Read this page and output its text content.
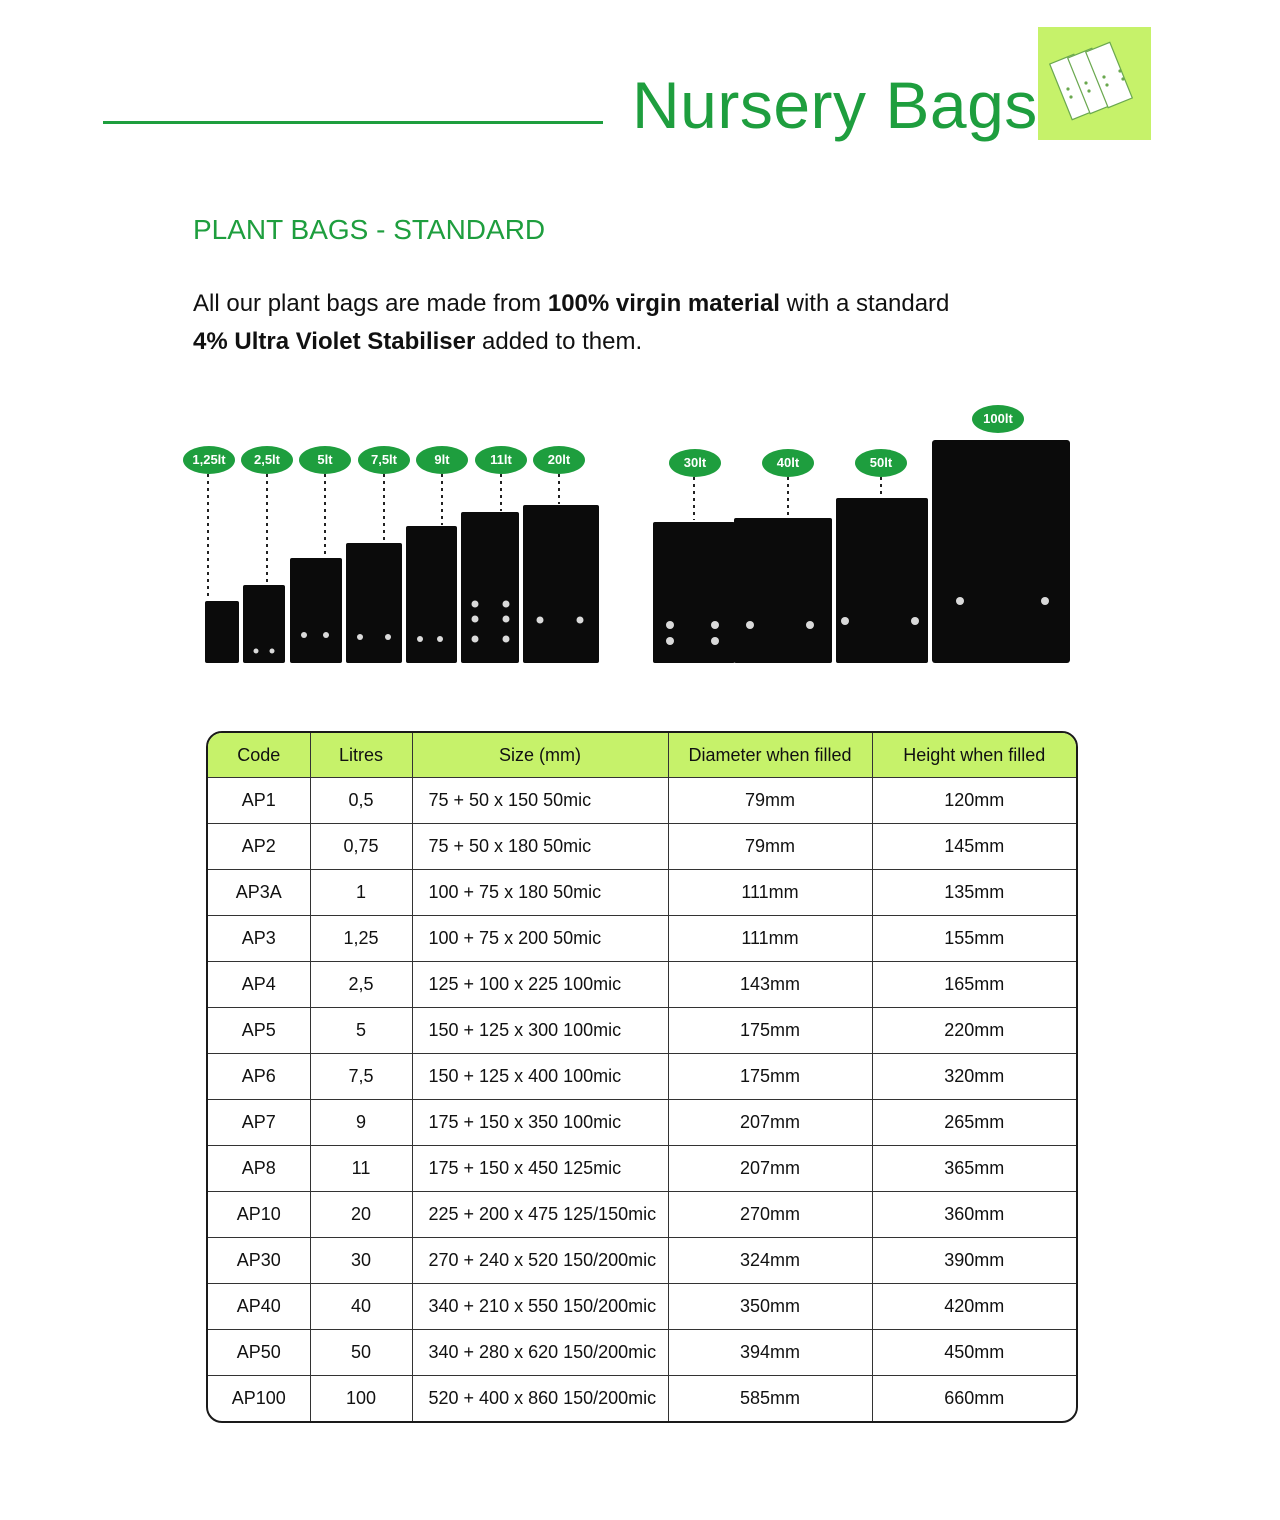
Nursery Bags
PLANT BAGS - STANDARD
All our plant bags are made from 100% virgin material with a standard
4% Ultra Violet Stabiliser added to them.
1,25lt 2,5lt	5lt	7,5lt	9lt	11lt	20lt	30lt	40lt	50lt
100lt
Code	Litres	Size (mm)	Diameter when filled	Height when filled
AP1	0,5	75 + 50 x 150 50mic	79mm	120mm
AP2	0,75	75 + 50 x 180 50mic	79mm	145mm
AP3A	1	100 + 75 x 180 50mic	111mm	135mm
AP3	1,25	100 + 75 x 200 50mic	111mm	155mm
AP4	2,5	125 + 100 x 225 100mic	143mm	165mm
AP5	5	150 + 125 x 300 100mic	175mm	220mm
AP6	7,5	150 + 125 x 400 100mic	175mm	320mm
AP7	9	175 + 150 x 350 100mic	207mm	265mm
AP8	11	175 + 150 x 450 125mic	207mm	365mm
AP10	20	225 + 200 x 475 125/150mic	270mm	360mm
AP30	30	270 + 240 x 520 150/200mic	324mm	390mm
AP40	40	340 + 210 x 550 150/200mic	350mm	420mm
AP50	50	340 + 280 x 620 150/200mic	394mm	450mm
AP100	100	520 + 400 x 860 150/200mic	585mm	660mm
